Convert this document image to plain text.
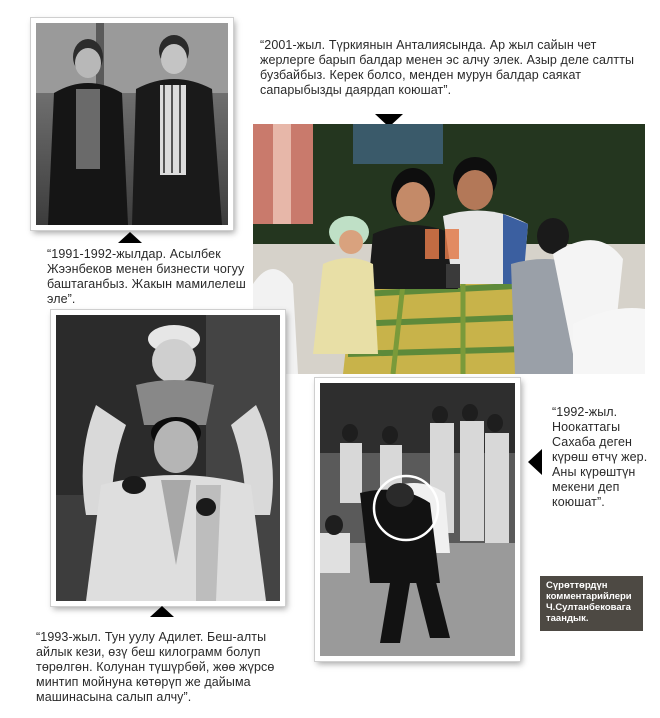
“1991-1992-жылдар. Асылбек Жээнбеков менен бизнести чогуу баштаганбыз. Жакын мамилелеш эле”.
“2001-жыл. Түркиянын Анталиясында. Ар жыл сайын чет жерлерге барып балдар менен эс алчу элек. Азыр деле салтты бузбайбыз. Керек болсо, менден мурун балдар саякат сапарыбызды даярдап коюшат”.
“1993-жыл. Тун уулу Адилет. Беш-алты айлык кези, өзү беш килограмм болуп төрөлгөн. Колунан түшүрбөй, жөө жүрсө минтип мойнуна көтөрүп же дайыма машинасына салып алчу”.
“1992-жыл. Ноокаттагы Сахаба деген күрөш өтчү жер. Аны күрөштүн мекени деп коюшат”.
Сүрөттөрдүн комментарийлери Ч.Султанбековага таандык.
